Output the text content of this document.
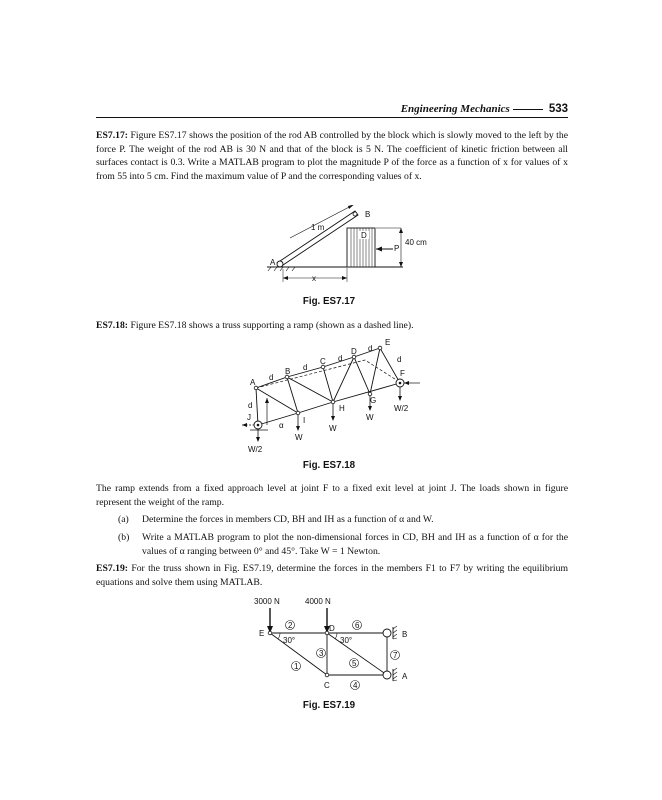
Engineering Mechanics	533

ES7.17: Figure ES7.17 shows the position of the rod AB controlled by the block which is slowly moved to the left by the force P. The weight of the rod AB is 30 N and that of the block is 5 N. The coefficient of kinetic friction between all surfaces contact is 0.3. Write a MATLAB program to plot the magnitude P of the force as a function of x for values of x from 55 into 5 cm. Find the maximum value of P and the corresponding values of x.

1 m
D
B
A
P
40 cm
x
Fig. ES7.17

ES7.18: Figure ES7.18 shows a truss supporting a ramp (shown as a dashed line).

A
B
C
D
E
F
G
H
I
J
d
d
d
d
d
d
α
W/2
W
W
W
W/2
Fig. ES7.18

The ramp extends from a fixed approach level at joint F to a fixed exit level at joint J. The loads shown in figure represent the weight of the ramp.

(a)	Determine the forces in members CD, BH and IH as a function of α and W.
(b)	Write a MATLAB program to plot the non-dimensional forces in CD, BH and IH as a function of α for the values of α ranging between 0° and 45°. Take W = 1 Newton.

ES7.19: For the truss shown in Fig. ES7.19, determine the forces in the members F1 to F7 by writing the equilibrium equations and solve them using MATLAB.

3000 N	4000 N
30°	30°
E
D
B
C
A
1
2
3
4
5
6
7
Fig. ES7.19
